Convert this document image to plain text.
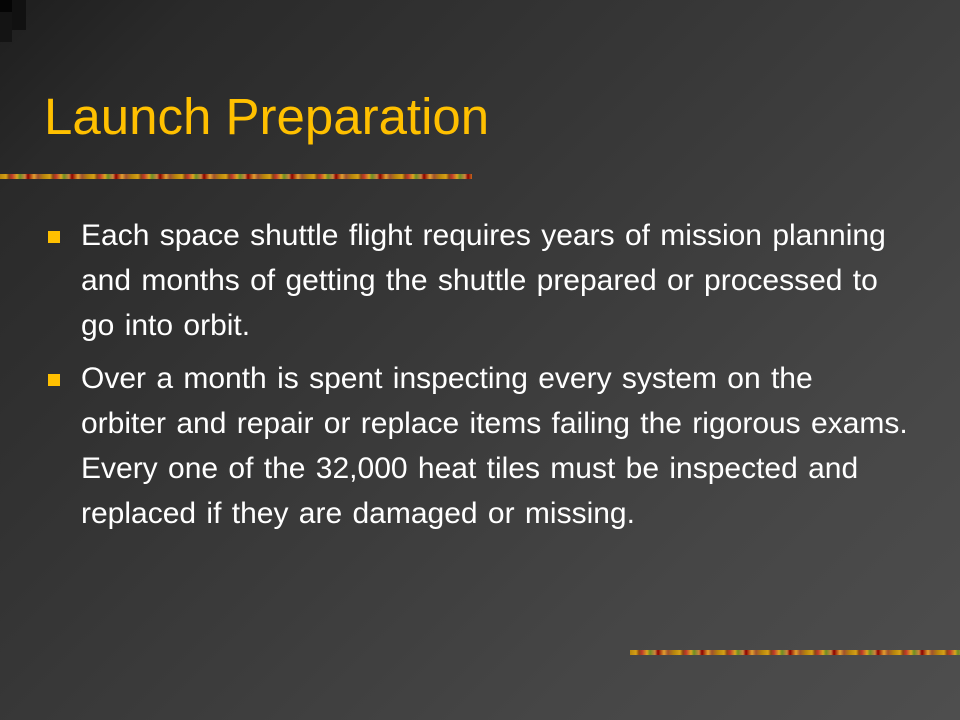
Launch Preparation
Each space shuttle flight requires years of mission planning and months of getting the shuttle prepared or processed to go into orbit.
Over a month is spent inspecting every system on the orbiter and repair or replace items failing the rigorous exams. Every one of the 32,000 heat tiles must be inspected and replaced if they are damaged or missing.
